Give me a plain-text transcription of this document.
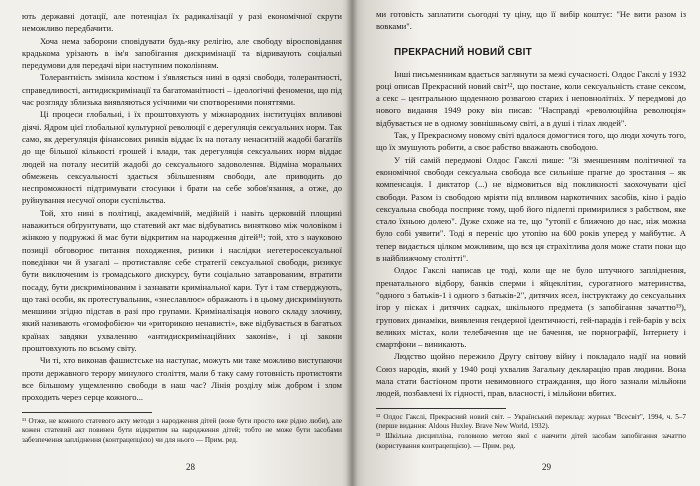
ють державні дотації, але потенціал їх радикалізації у разі економічної скрути неможливо передбачити.

Хоча нема заборони сповідувати будь-яку релігію, але свободу віросповідання крадькома урізають в ім'я запобігання дискримінації та відриваують соціальні передумови для передачі віри наступним поколінням.

Толерантність змінила костюм і з'являється нині в одязі свободи, толерантності, справедливості, антидискримінації та багатоманітності – ідеологічні феномени, що під час розгляду зблизька виявляються усічними чи спотвореними поняттями.

Ці процеси глобальні, і їх проштовхують у міжнародних інституціях впливові діячі. Ядром цієї глобальної культурної революції є дерегуляція сексуальних норм. Так само, як дерегуляція фінансових ринків віддає їх на поталу ненаситній жадобі багатіїв до ще більшої кількості грошей і влади, так дерегуляція сексуальних норм віддає людей на поталу неситій жадобі до сексуального задоволення. Відміна моральних обмежень сексуальності здається збільшенням свободи, але приводить до неспроможності підтримувати стосунки і брати на себе зобов'язання, а отже, до руйнування несучої опори суспільства.

Той, хто нині в політиці, академічній, медійній і навіть церковній площині наважиться обґрунтувати, що статевий акт має відбуватись винятково між чоловіком і жінкою у подружжі й має бути відкритим на народження дітей¹¹; той, хто з науковою позиції обговорює питання походження, ризики і наслідки негетеросексуальної поведінки чи й узагалі – протиставляє себе стратегії сексуальної свободи, ризикує бути виключеним із громадського дискурсу, бути соціально затаврованим, втратити посаду, бути дискримінованим і зазнавати кримінальної кари. Тут і там стверджують, що такі особи, як протестувальник, «знеславлює» ображають і в цьому дискримінують меншини згідно підстав в разі про групами. Криміналізація нового складу злочину, який називають «гомофобією» чи «риторикою ненависті», вже відбувається в багатьох країнах завдяки ухваленню «антидискримінаційних законів», і ці закони проштовхують по всьому світу.

Чи ті, хто виконав фашистське на наступає, можуть ми таке можливо виступаючи проти державного терору минулого століття, мали б таку саму готовність протистояти все більшому ущемленню свободи в наш час? Лінія розділу між добром і злом проходить через серце кожного...

¹¹ Отже, не кожного статевого акту методи з народження дітей (воне бути просто вже рідно люби), але кожен статевий акт повинен бути відкритим на народження дітей; тобто не може бути засобами забезпечення запліднення (контрацепцією) чи для нього — Прим. ред.

28

ми готовість заплатити сьогодні ту ціну, що її вибір коштує: "Не вити разом із вовками".

ПРЕКРАСНИЙ НОВИЙ СВІТ

Інші письменникам вдається заглянути за межі сучасності. Олдос Гакслі у 1932 році описав Прекрасний новий світ¹², що постане, коли сексуальність стане сексом, а секс – центральною щоденною розвагою старих і неповнолітніх. У передмові до нового видання 1949 року він писав: "Насправді «революційна революція» відбувається не в одному зовнішньому світі, а в душі і тілах людей".

Так, у Прекрасному новому світі вдалося домогтися того, що люди хочуть того, що їх змушують робити, а своє рабство вважають свободою.

У тій самій передмові Олдос Гакслі пише: "Зі зменшенням політичної та економічної свободи сексуальна свобода все сильніше прагне до зростання – як компенсація. І диктатор (...) не відмовиться від покликності заохочувати цієї свободи. Разом із свободою мріяти під впливом наркотичних засобів, кіно і радіо сексуальна свобода посприяє тому, щоб його підлеглі примирилися з рабством, яке стало їхньою долею". Дуже схоже на те, що "утопії є ближчою до нас, ніж можна було собі уявити". Тоді я переніс цю утопію на 600 років уперед у майбутнє. А тепер видається цілком можливим, що вся ця страхітлива доля може стати поки що в найближчому столітті".

Олдос Гакслі написав це тоді, коли ще не було штучного запліднення, пренатального відбору, банків сперми і яйцеклітин, сурогатного материнства, "одного з батьків-1 і одного з батьків-2", дитячих ясел, інструктажу до сексуальних ігор у пісках і дитячих садках, шкільного предмета (з запобігання зачаттю¹³), групових динаміки, виявлення гендерної ідентичності, гей-парадів і гей-барів у всіх великих містах, коли телебачення ще не бачення, не порнографії, Інтернету і смартфони – виникають.

Людство щойно пережило Другу світову війну і покладало надії на новий Союз народів, який у 1940 році ухвалив Загальну декларацію прав людини. Вона мала стати бастіоном проти невимовного страждання, що його зазнали мільйони людей, позбавлені їх гідності, прав, власності, і мільйони вбитих.

¹² Олдос Гакслі, Прекрасний новий світ. – Український переклад: журнал "Всесвіт", 1994, ч. 5–7 (перше видання: Aldous Huxley. Brave New World, 1932).

¹³ Шкільна дисципліна, головною метою якої є навчити дітей засобам запобігання зачаттю (користування контрацепцією). — Прим. ред.

29
